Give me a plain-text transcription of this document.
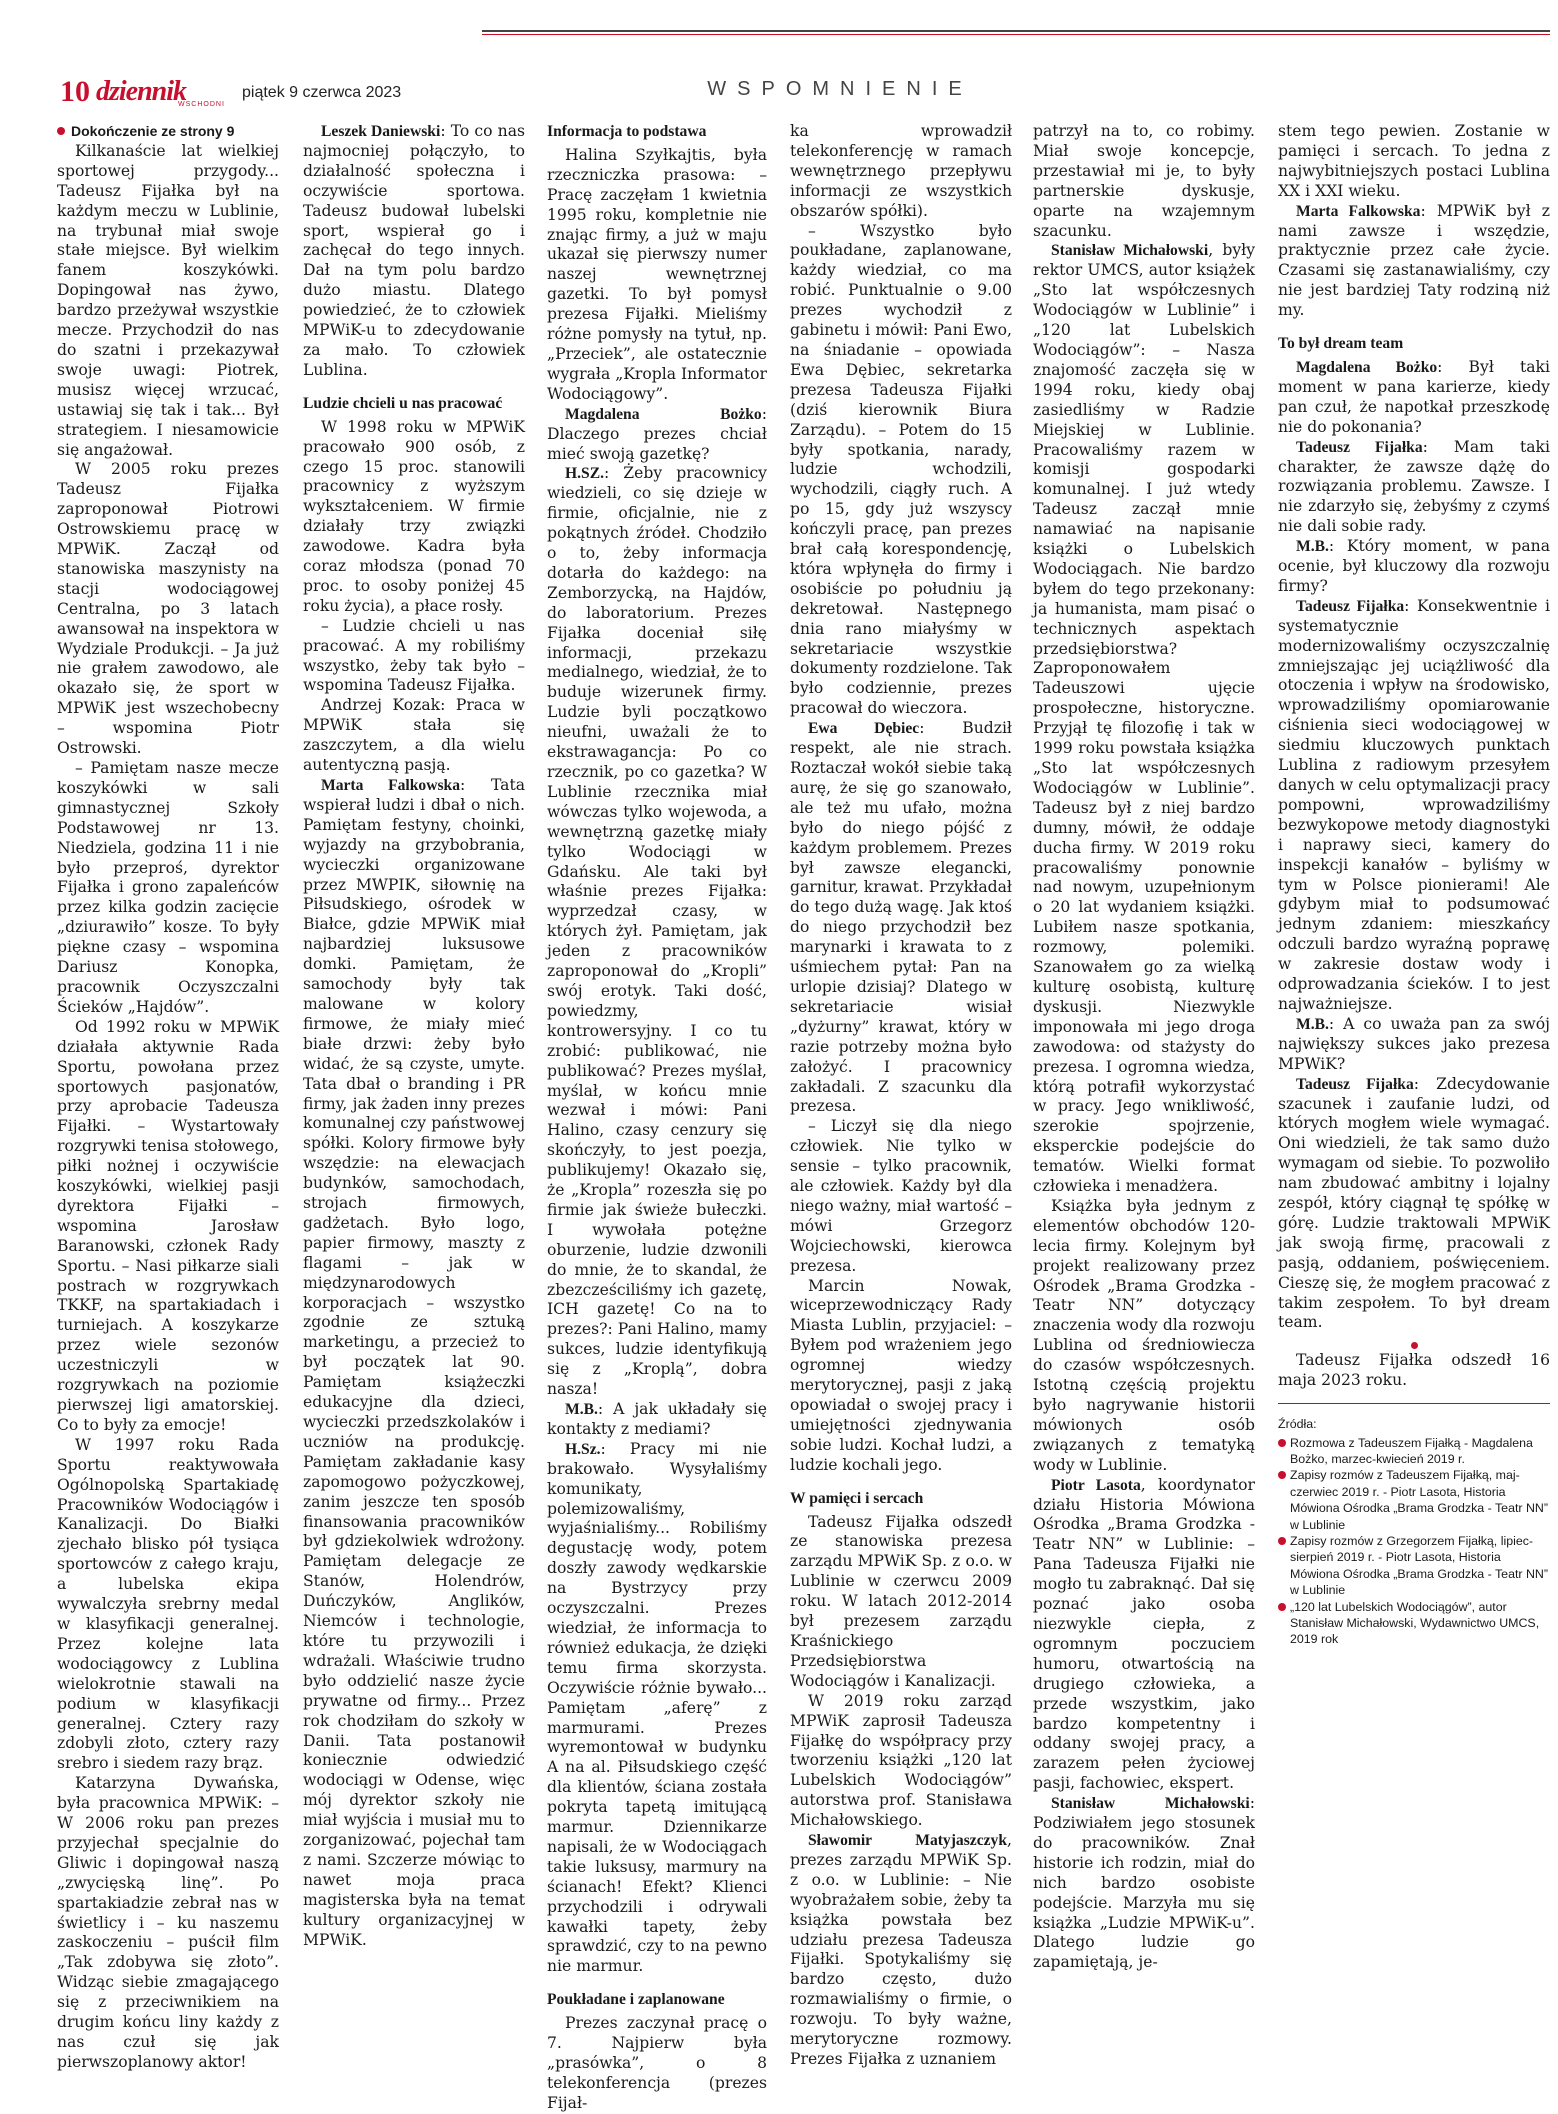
10 dziennik
WSCHODNI
piątek 9 czerwca 2023	WSPOMNIENIE

Dokończenie ze strony 9

Kilkanaście lat wielkiej sportowej przygody... Tadeusz Fijałka był na każdym meczu w Lublinie, na trybunał miał swoje stałe miejsce. Był wielkim fanem koszykówki. Dopingował nas żywo, bardzo przeżywał wszystkie mecze. Przychodził do nas do szatni i przekazywał swoje uwagi: Piotrek, musisz więcej wrzucać, ustawiaj się tak i tak... Był strategiem. I niesamowicie się angażował.

W 2005 roku prezes Tadeusz Fijałka zaproponował Piotrowi Ostrowskiemu pracę w MPWiK. Zaczął od stanowiska maszynisty na stacji wodociągowej Centralna, po 3 latach awansował na inspektora w Wydziale Produkcji. – Ja już nie grałem zawodowo, ale okazało się, że sport w MPWiK jest wszechobecny – wspomina Piotr Ostrowski.

– Pamiętam nasze mecze koszykówki w sali gimnastycznej Szkoły Podstawowej nr 13. Niedziela, godzina 11 i nie było przeproś, dyrektor Fijałka i grono zapaleńców przez kilka godzin zacięcie „dziurawiło” kosze. To były piękne czasy – wspomina Dariusz Konopka, pracownik Oczyszczalni Ścieków „Hajdów”.

Od 1992 roku w MPWiK działała aktywnie Rada Sportu, powołana przez sportowych pasjonatów, przy aprobacie Tadeusza Fijałki. – Wystartowały rozgrywki tenisa stołowego, piłki nożnej i oczywiście koszykówki, wielkiej pasji dyrektora Fijałki – wspomina Jarosław Baranowski, członek Rady Sportu. – Nasi piłkarze siali postrach w rozgrywkach TKKF, na spartakiadach i turniejach. A koszykarze przez wiele sezonów uczestniczyli w rozgrywkach na poziomie pierwszej ligi amatorskiej. Co to były za emocje!

W 1997 roku Rada Sportu reaktywowała Ogólnopolską Spartakiadę Pracowników Wodociągów i Kanalizacji. Do Białki zjechało blisko pół tysiąca sportowców z całego kraju, a lubelska ekipa wywalczyła srebrny medal w klasyfikacji generalnej. Przez kolejne lata wodociągowcy z Lublina wielokrotnie stawali na podium w klasyfikacji generalnej. Cztery razy zdobyli złoto, cztery razy srebro i siedem razy brąz.

Katarzyna Dywańska, była pracownica MPWiK: – W 2006 roku pan prezes przyjechał specjalnie do Gliwic i dopingował naszą „zwycięską linę”. Po spartakiadzie zebrał nas w świetlicy i – ku naszemu zaskoczeniu – puścił film „Tak zdobywa się złoto”. Widząc siebie zmagającego się z przeciwnikiem na drugim końcu liny każdy z nas czuł się jak pierwszoplanowy aktor!

Leszek Daniewski: To co nas najmocniej połączyło, to działalność społeczna i oczywiście sportowa. Tadeusz budował lubelski sport, wspierał go i zachęcał do tego innych. Dał na tym polu bardzo dużo miastu. Dlatego powiedzieć, że to człowiek MPWiK-u to zdecydowanie za mało. To człowiek Lublina.

Ludzie chcieli u nas pracować

W 1998 roku w MPWiK pracowało 900 osób, z czego 15 proc. stanowili pracownicy z wyższym wykształceniem. W firmie działały trzy związki zawodowe. Kadra była coraz młodsza (ponad 70 proc. to osoby poniżej 45 roku życia), a płace rosły.

– Ludzie chcieli u nas pracować. A my robiliśmy wszystko, żeby tak było – wspomina Tadeusz Fijałka.

Andrzej Kozak: Praca w MPWiK stała się zaszczytem, a dla wielu autentyczną pasją.

Marta Falkowska: Tata wspierał ludzi i dbał o nich. Pamiętam festyny, choinki, wyjazdy na grzybobrania, wycieczki organizowane przez MWPIK, siłownię na Piłsudskiego, ośrodek w Białce, gdzie MPWiK miał najbardziej luksusowe domki. Pamiętam, że samochody były tak malowane w kolory firmowe, że miały mieć białe drzwi: żeby było widać, że są czyste, umyte. Tata dbał o branding i PR firmy, jak żaden inny prezes komunalnej czy państwowej spółki. Kolory firmowe były wszędzie: na elewacjach budynków, samochodach, strojach firmowych, gadżetach. Było logo, papier firmowy, maszty z flagami – jak w międzynarodowych korporacjach – wszystko zgodnie ze sztuką marketingu, a przecież to był początek lat 90. Pamiętam książeczki edukacyjne dla dzieci, wycieczki przedszkolaków i uczniów na produkcję. Pamiętam zakładanie kasy zapomogowo pożyczkowej, zanim jeszcze ten sposób finansowania pracowników był gdziekolwiek wdrożony. Pamiętam delegacje ze Stanów, Holendrów, Duńczyków, Anglików, Niemców i technologie, które tu przywozili i wdrażali. Właściwie trudno było oddzielić nasze życie prywatne od firmy... Przez rok chodziłam do szkoły w Danii. Tata postanowił koniecznie odwiedzić wodociągi w Odense, więc mój dyrektor szkoły nie miał wyjścia i musiał mu to zorganizować, pojechał tam z nami. Szczerze mówiąc to nawet moja praca magisterska była na temat kultury organizacyjnej w MPWiK.

Informacja to podstawa

Halina Szyłkajtis, była rzeczniczka prasowa: – Pracę zaczęłam 1 kwietnia 1995 roku, kompletnie nie znając firmy, a już w maju ukazał się pierwszy numer naszej wewnętrznej gazetki. To był pomysł prezesa Fijałki. Mieliśmy różne pomysły na tytuł, np. „Przeciek”, ale ostatecznie wygrała „Kropla Informator Wodociągowy”.

Magdalena Bożko: Dlaczego prezes chciał mieć swoją gazetkę?

H.SZ.: Żeby pracownicy wiedzieli, co się dzieje w firmie, oficjalnie, nie z pokątnych źródeł. Chodziło o to, żeby informacja dotarła do każdego: na Zemborzycką, na Hajdów, do laboratorium. Prezes Fijałka doceniał siłę informacji, przekazu medialnego, wiedział, że to buduje wizerunek firmy. Ludzie byli początkowo nieufni, uważali że to ekstrawagancja: Po co rzecznik, po co gazetka? W Lublinie rzecznika miał wówczas tylko wojewoda, a wewnętrzną gazetkę miały tylko Wodociągi w Gdańsku. Ale taki był właśnie prezes Fijałka: wyprzedzał czasy, w których żył. Pamiętam, jak jeden z pracowników zaproponował do „Kropli” swój erotyk. Taki dość, powiedzmy, kontrowersyjny. I co tu zrobić: publikować, nie publikować? Prezes myślał, myślał, w końcu mnie wezwał i mówi: Pani Halino, czasy cenzury się skończyły, to jest poezja, publikujemy! Okazało się, że „Kropla” rozeszła się po firmie jak świeże bułeczki. I wywołała potężne oburzenie, ludzie dzwonili do mnie, że to skandal, że zbezcześciliśmy ich gazetę, ICH gazetę! Co na to prezes?: Pani Halino, mamy sukces, ludzie identyfikują się z „Kroplą”, dobra nasza!

M.B.: A jak układały się kontakty z mediami?

H.Sz.: Pracy mi nie brakowało. Wysyłaliśmy komunikaty, polemizowaliśmy, wyjaśnialiśmy... Robiliśmy degustację wody, potem doszły zawody wędkarskie na Bystrzycy przy oczyszczalni. Prezes wiedział, że informacja to również edukacja, że dzięki temu firma skorzysta. Oczywiście różnie bywało... Pamiętam „aferę” z marmurami. Prezes wyremontował w budynku A na al. Piłsudskiego część dla klientów, ściana została pokryta tapetą imitującą marmur. Dziennikarze napisali, że w Wodociągach takie luksusy, marmury na ścianach! Efekt? Klienci przychodzili i odrywali kawałki tapety, żeby sprawdzić, czy to na pewno nie marmur.

Poukładane i zaplanowane

Prezes zaczynał pracę o 7. Najpierw była „prasówka”, o 8 telekonferencja (prezes Fijał-

ka wprowadził telekonferencję w ramach wewnętrznego przepływu informacji ze wszystkich obszarów spółki).

– Wszystko było poukładane, zaplanowane, każdy wiedział, co ma robić. Punktualnie o 9.00 prezes wychodził z gabinetu i mówił: Pani Ewo, na śniadanie – opowiada Ewa Dębiec, sekretarka prezesa Tadeusza Fijałki (dziś kierownik Biura Zarządu). – Potem do 15 były spotkania, narady, ludzie wchodzili, wychodzili, ciągły ruch. A po 15, gdy już wszyscy kończyli pracę, pan prezes brał całą korespondencję, która wpłynęła do firmy i osobiście po południu ją dekretował. Następnego dnia rano miałyśmy w sekretariacie wszystkie dokumenty rozdzielone. Tak było codziennie, prezes pracował do wieczora.

Ewa Dębiec: Budził respekt, ale nie strach. Roztaczał wokół siebie taką aurę, że się go szanowało, ale też mu ufało, można było do niego pójść z każdym problemem. Prezes był zawsze elegancki, garnitur, krawat. Przykładał do tego dużą wagę. Jak ktoś do niego przychodził bez marynarki i krawata to z uśmiechem pytał: Pan na urlopie dzisiaj? Dlatego w sekretariacie wisiał „dyżurny” krawat, który w razie potrzeby można było założyć. I pracownicy zakładali. Z szacunku dla prezesa.

– Liczył się dla niego człowiek. Nie tylko w sensie – tylko pracownik, ale człowiek. Każdy był dla niego ważny, miał wartość – mówi Grzegorz Wojciechowski, kierowca prezesa.

Marcin Nowak, wiceprzewodniczący Rady Miasta Lublin, przyjaciel: – Byłem pod wrażeniem jego ogromnej wiedzy merytorycznej, pasji z jaką opowiadał o swojej pracy i umiejętności zjednywania sobie ludzi. Kochał ludzi, a ludzie kochali jego.

W pamięci i sercach

Tadeusz Fijałka odszedł ze stanowiska prezesa zarządu MPWiK Sp. z o.o. w Lublinie w czerwcu 2009 roku. W latach 2012-2014 był prezesem zarządu Kraśnickiego Przedsiębiorstwa Wodociągów i Kanalizacji.

W 2019 roku zarząd MPWiK zaprosił Tadeusza Fijałkę do współpracy przy tworzeniu książki „120 lat Lubelskich Wodociągów” autorstwa prof. Stanisława Michałowskiego.

Sławomir Matyjaszczyk, prezes zarządu MPWiK Sp. z o.o. w Lublinie: – Nie wyobrażałem sobie, żeby ta książka powstała bez udziału prezesa Tadeusza Fijałki. Spotykaliśmy się bardzo często, dużo rozmawialiśmy o firmie, o rozwoju. To były ważne, merytoryczne rozmowy. Prezes Fijałka z uznaniem

patrzył na to, co robimy. Miał swoje koncepcje, przestawiał mi je, to były partnerskie dyskusje, oparte na wzajemnym szacunku.

Stanisław Michałowski, były rektor UMCS, autor książek „Sto lat współczesnych Wodociągów w Lublinie” i „120 lat Lubelskich Wodociągów”: – Nasza znajomość zaczęła się w 1994 roku, kiedy obaj zasiedliśmy w Radzie Miejskiej w Lublinie. Pracowaliśmy razem w komisji gospodarki komunalnej. I już wtedy Tadeusz zaczął mnie namawiać na napisanie książki o Lubelskich Wodociągach. Nie bardzo byłem do tego przekonany: ja humanista, mam pisać o technicznych aspektach przedsiębiorstwa? Zaproponowałem Tadeuszowi ujęcie prospołeczne, historyczne. Przyjął tę filozofię i tak w 1999 roku powstała książka „Sto lat współczesnych Wodociągów w Lublinie”. Tadeusz był z niej bardzo dumny, mówił, że oddaje ducha firmy. W 2019 roku pracowaliśmy ponownie nad nowym, uzupełnionym o 20 lat wydaniem książki. Lubiłem nasze spotkania, rozmowy, polemiki. Szanowałem go za wielką kulturę osobistą, kulturę dyskusji. Niezwykle imponowała mi jego droga zawodowa: od stażysty do prezesa. I ogromna wiedza, którą potrafił wykorzystać w pracy. Jego wnikliwość, szerokie spojrzenie, eksperckie podejście do tematów. Wielki format człowieka i menadżera.

Książka była jednym z elementów obchodów 120-lecia firmy. Kolejnym był projekt realizowany przez Ośrodek „Brama Grodzka - Teatr NN” dotyczący znaczenia wody dla rozwoju Lublina od średniowiecza do czasów współczesnych. Istotną częścią projektu było nagrywanie historii mówionych osób związanych z tematyką wody w Lublinie.

Piotr Lasota, koordynator działu Historia Mówiona Ośrodka „Brama Grodzka - Teatr NN” w Lublinie: – Pana Tadeusza Fijałki nie mogło tu zabraknąć. Dał się poznać jako osoba niezwykle ciepła, z ogromnym poczuciem humoru, otwartością na drugiego człowieka, a przede wszystkim, jako bardzo kompetentny i oddany swojej pracy, a zarazem pełen życiowej pasji, fachowiec, ekspert.

Stanisław Michałowski: Podziwiałem jego stosunek do pracowników. Znał historie ich rodzin, miał do nich bardzo osobiste podejście. Marzyła mu się książka „Ludzie MPWiK-u”. Dlatego ludzie go zapamiętają, je-

stem tego pewien. Zostanie w pamięci i sercach. To jedna z najwybitniejszych postaci Lublina XX i XXI wieku.

Marta Falkowska: MPWiK był z nami zawsze i wszędzie, praktycznie przez całe życie. Czasami się zastanawialiśmy, czy nie jest bardziej Taty rodziną niż my.

To był dream team

Magdalena Bożko: Był taki moment w pana karierze, kiedy pan czuł, że napotkał przeszkodę nie do pokonania?

Tadeusz Fijałka: Mam taki charakter, że zawsze dążę do rozwiązania problemu. Zawsze. I nie zdarzyło się, żebyśmy z czymś nie dali sobie rady.

M.B.: Który moment, w pana ocenie, był kluczowy dla rozwoju firmy?

Tadeusz Fijałka: Konsekwentnie i systematycznie modernizowaliśmy oczyszczalnię zmniejszając jej uciążliwość dla otoczenia i wpływ na środowisko, wprowadziliśmy opomiarowanie ciśnienia sieci wodociągowej w siedmiu kluczowych punktach Lublina z radiowym przesyłem danych w celu optymalizacji pracy pompowni, wprowadziliśmy bezwykopowe metody diagnostyki i naprawy sieci, kamery do inspekcji kanałów – byliśmy w tym w Polsce pionierami! Ale gdybym miał to podsumować jednym zdaniem: mieszkańcy odczuli bardzo wyraźną poprawę w zakresie dostaw wody i odprowadzania ścieków. I to jest najważniejsze.

M.B.: A co uważa pan za swój największy sukces jako prezesa MPWiK?

Tadeusz Fijałka: Zdecydowanie szacunek i zaufanie ludzi, od których mogłem wiele wymagać. Oni wiedzieli, że tak samo dużo wymagam od siebie. To pozwoliło nam zbudować ambitny i lojalny zespół, który ciągnął tę spółkę w górę. Ludzie traktowali MPWiK jak swoją firmę, pracowali z pasją, oddaniem, poświęceniem. Cieszę się, że mogłem pracować z takim zespołem. To był dream team.

Tadeusz Fijałka odszedł 16 maja 2023 roku.

Źródła:
Rozmowa z Tadeuszem Fijałką - Magdalena Bożko, marzec-kwiecień 2019 r.
Zapisy rozmów z Tadeuszem Fijałką, maj-czerwiec 2019 r. - Piotr Lasota, Historia Mówiona Ośrodka „Brama Grodzka - Teatr NN” w Lublinie
Zapisy rozmów z Grzegorzem Fijałką, lipiec-sierpień 2019 r. - Piotr Lasota, Historia Mówiona Ośrodka „Brama Grodzka - Teatr NN” w Lublinie
„120 lat Lubelskich Wodociągów”, autor Stanisław Michałowski, Wydawnictwo UMCS, 2019 rok
